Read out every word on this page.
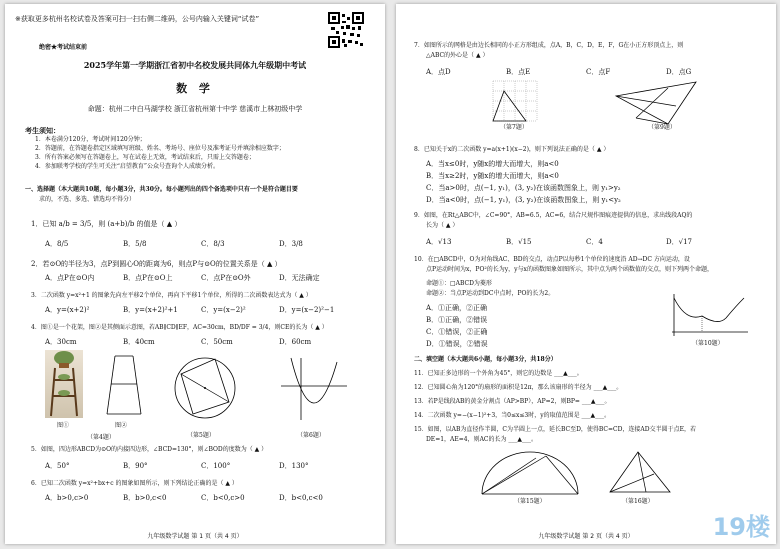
※获取更多杭州名校试卷及答案可扫一扫右侧二维码，公号内输入关键词“试卷”
绝密★考试结束前
2025学年第一学期浙江省初中名校发展共同体九年级期中考试
数 学
命题：杭州二中白马湖学校 浙江省杭州第十中学 慈溪市上林初级中学
考生须知：
1．本卷满分120分，考试时间120分钟；
2．答题前，在答题卷指定区域填写班级、姓名、考场号、座位号及准考证号并填涂相应数字；
3．所有答案必须写在答题卷上，写在试卷上无效，考试结束后，只需上交答题卷；
4．参加联考学校的学生可关注“启望教育”公众号查询个人成绩分析。
一、选择题（本大题共10题，每小题3分，共30分。每小题列出的四个备选项中只有一个是符合题目要
求的，不选、多选、错选均不得分）
1．已知 a/b = 3/5，则 (a+b)/b 的值是（ ▲ ）
A．8/5	B．5/8	C．8/3	D．3/8
2．若⊙O的半径为3，点P到圆心O的距离为6，则点P与⊙O的位置关系是（ ▲ ）
A．点P在⊙O内	B．点P在⊙O上	C．点P在⊙O外	D．无法确定
3．二次函数 y=x²+1 的图象先向左平移2个单位，再向下平移1个单位，所得的二次函数表达式为（ ▲ ）
A．y=(x+2)²	B．y=(x+2)²+1	C．y=(x−2)²	D．y=(x−2)²−1
4．图①是一个花架，图②是其侧面示意图，若AB∥CD∥EF，AC=30cm，BD/DF = 3/4，则CE的长为（ ▲ ）
A．30cm	B．40cm	C．50cm	D．60cm
图①	图②
（第4题）	（第5题）	（第6题）
5．如图，四边形ABCD为⊙O的内接四边形，∠BCD=130°，则∠BOD的度数为（ ▲ ）
A．50°	B．90°	C．100°	D．130°
6．已知二次函数 y=x²+bx+c 的图象如图所示，则下列结论正确的是（ ▲ ）
A．b>0,c>0	B．b>0,c<0	C．b<0,c>0	D．b<0,c<0
九年级数学试题 第 1 页（共 4 页）
7．如图所示的网格是由边长相同的小正方形组成，点A，B，C，D，E，F，G在小正方形顶点上，则
△ABC的外心是（ ▲ ）
A．点D	B．点E	C．点F	D．点G
（第7题）	（第9题）
8．已知关于x的二次函数 y=a(x+1)(x−2)，则下列说法正确的是（ ▲ ）
A．当x≤0时，y随x的增大而增大，则a<0
B．当x≥2时，y随x的增大而增大，则a<0
C．当a>0时，点(−1, y₁)，(3, y₂)在该函数图象上，则 y₁>y₂
D．当a<0时，点(−1, y₁)，(3, y₂)在该函数图象上，则 y₁<y₂
9．如图，在Rt△ABC中，∠C=90°，AB=6.5，AC=6，结合尺规作图痕迹提供的信息，求出线段AQ的
长为（ ▲ ）
A．√13	B．√15	C．4	D．√17
10．在□ABCD中，O为对角线AC、BD的交点，动点P以每秒1个单位的速度沿 AD→DC 方向运动，设
点P运动时间为x，PO²的长为y，y与x的函数图象如图所示，其中点为两个函数值的交点，则下列两个命题，
命题①：□ABCD为菱形
命题②：当点P运动到DC中点时，PO的长为2。
A．①正确，②正确
B．①正确，②错误
C．①错误，②正确
D．①错误，②错误	（第10题）
二、填空题（本大题共6小题，每小题3分，共18分）
11．已知正多边形的一个外角为45°，则它的边数是 ___▲___。
12．已知圆心角为120°的扇形的面积是12π，那么该扇形的半径为 ___▲___。
13．若P是线段AB的黄金分割点（AP>BP），AP=2，则BP= ___▲___。
14．二次函数 y=−(x−1)²+3，当0≤x≤3时，y的取值范围是 ___▲___。
15．如图，以AB为直径作半圆，C为半圆上一点，延长BC至D，使得BC=CD，连接AD交半圆于点E，若
DE=1，AE=4，则AC的长为 ___▲___。
（第15题）	（第16题）
九年级数学试题 第 2 页（共 4 页）	19楼
